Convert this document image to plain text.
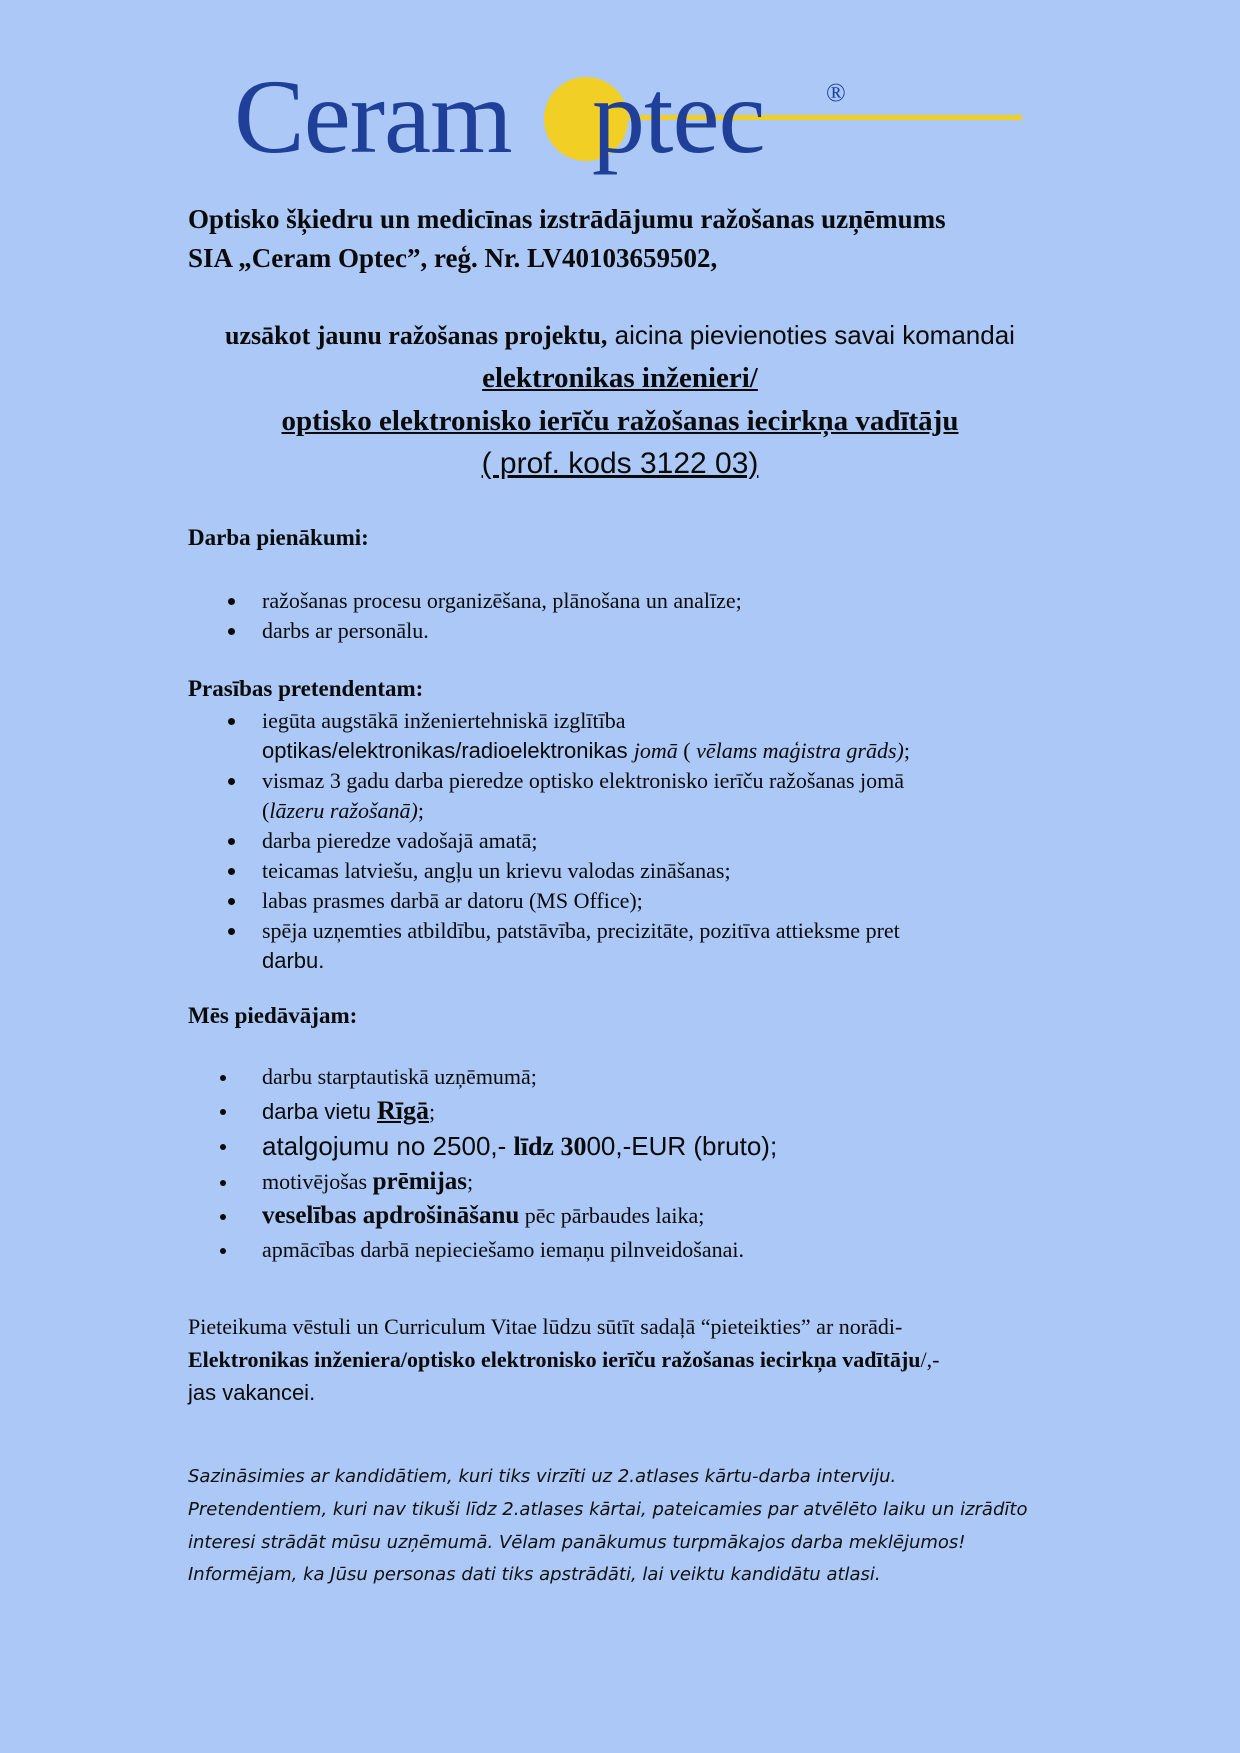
Ceram ptec ®
Optisko šķiedru un medicīnas izstrādājumu ražošanas uzņēmums
SIA „Ceram Optec”, reģ. Nr. LV40103659502,
uzsākot jaunu ražošanas projektu, aicina pievienoties savai komandai
elektronikas inženieri/
optisko elektronisko ierīču ražošanas iecirkņa vadītāju
( prof. kods 3122 03)
Darba pienākumi:
ražošanas procesu organizēšana, plānošana un analīze;
darbs ar personālu.
Prasības pretendentam:
iegūta augstākā inženiertehniskā izglītība
optikas/elektronikas/radioelektronikas jomā ( vēlams maģistra grāds);
vismaz 3 gadu darba pieredze optisko elektronisko ierīču ražošanas jomā
(lāzeru ražošanā);
darba pieredze vadošajā amatā;
teicamas latviešu, angļu un krievu valodas zināšanas;
labas prasmes darbā ar datoru (MS Office);
spēja uzņemties atbildību, patstāvība, precizitāte, pozitīva attieksme pret
darbu.
Mēs piedāvājam:
darbu starptautiskā uzņēmumā;
darba vietu Rīgā;
atalgojumu no 2500,- līdz 3000,-EUR (bruto);
motivējošas prēmijas;
veselības apdrošināšanu pēc pārbaudes laika;
apmācības darbā nepieciešamo iemaņu pilnveidošanai.
Pieteikuma vēstuli un Curriculum Vitae lūdzu sūtīt sadaļā “pieteikties” ar norādi-
Elektronikas inženiera/optisko elektronisko ierīču ražošanas iecirkņa vadītāju/,-
jas vakancei.
Sazināsimies ar kandidātiem, kuri tiks virzīti uz 2.atlases kārtu-darba interviju.
Pretendentiem, kuri nav tikuši līdz 2.atlases kārtai, pateicamies par atvēlēto laiku un izrādīto
interesi strādāt mūsu uzņēmumā. Vēlam panākumus turpmākajos darba meklējumos!
Informējam, ka Jūsu personas dati tiks apstrādāti, lai veiktu kandidātu atlasi.
